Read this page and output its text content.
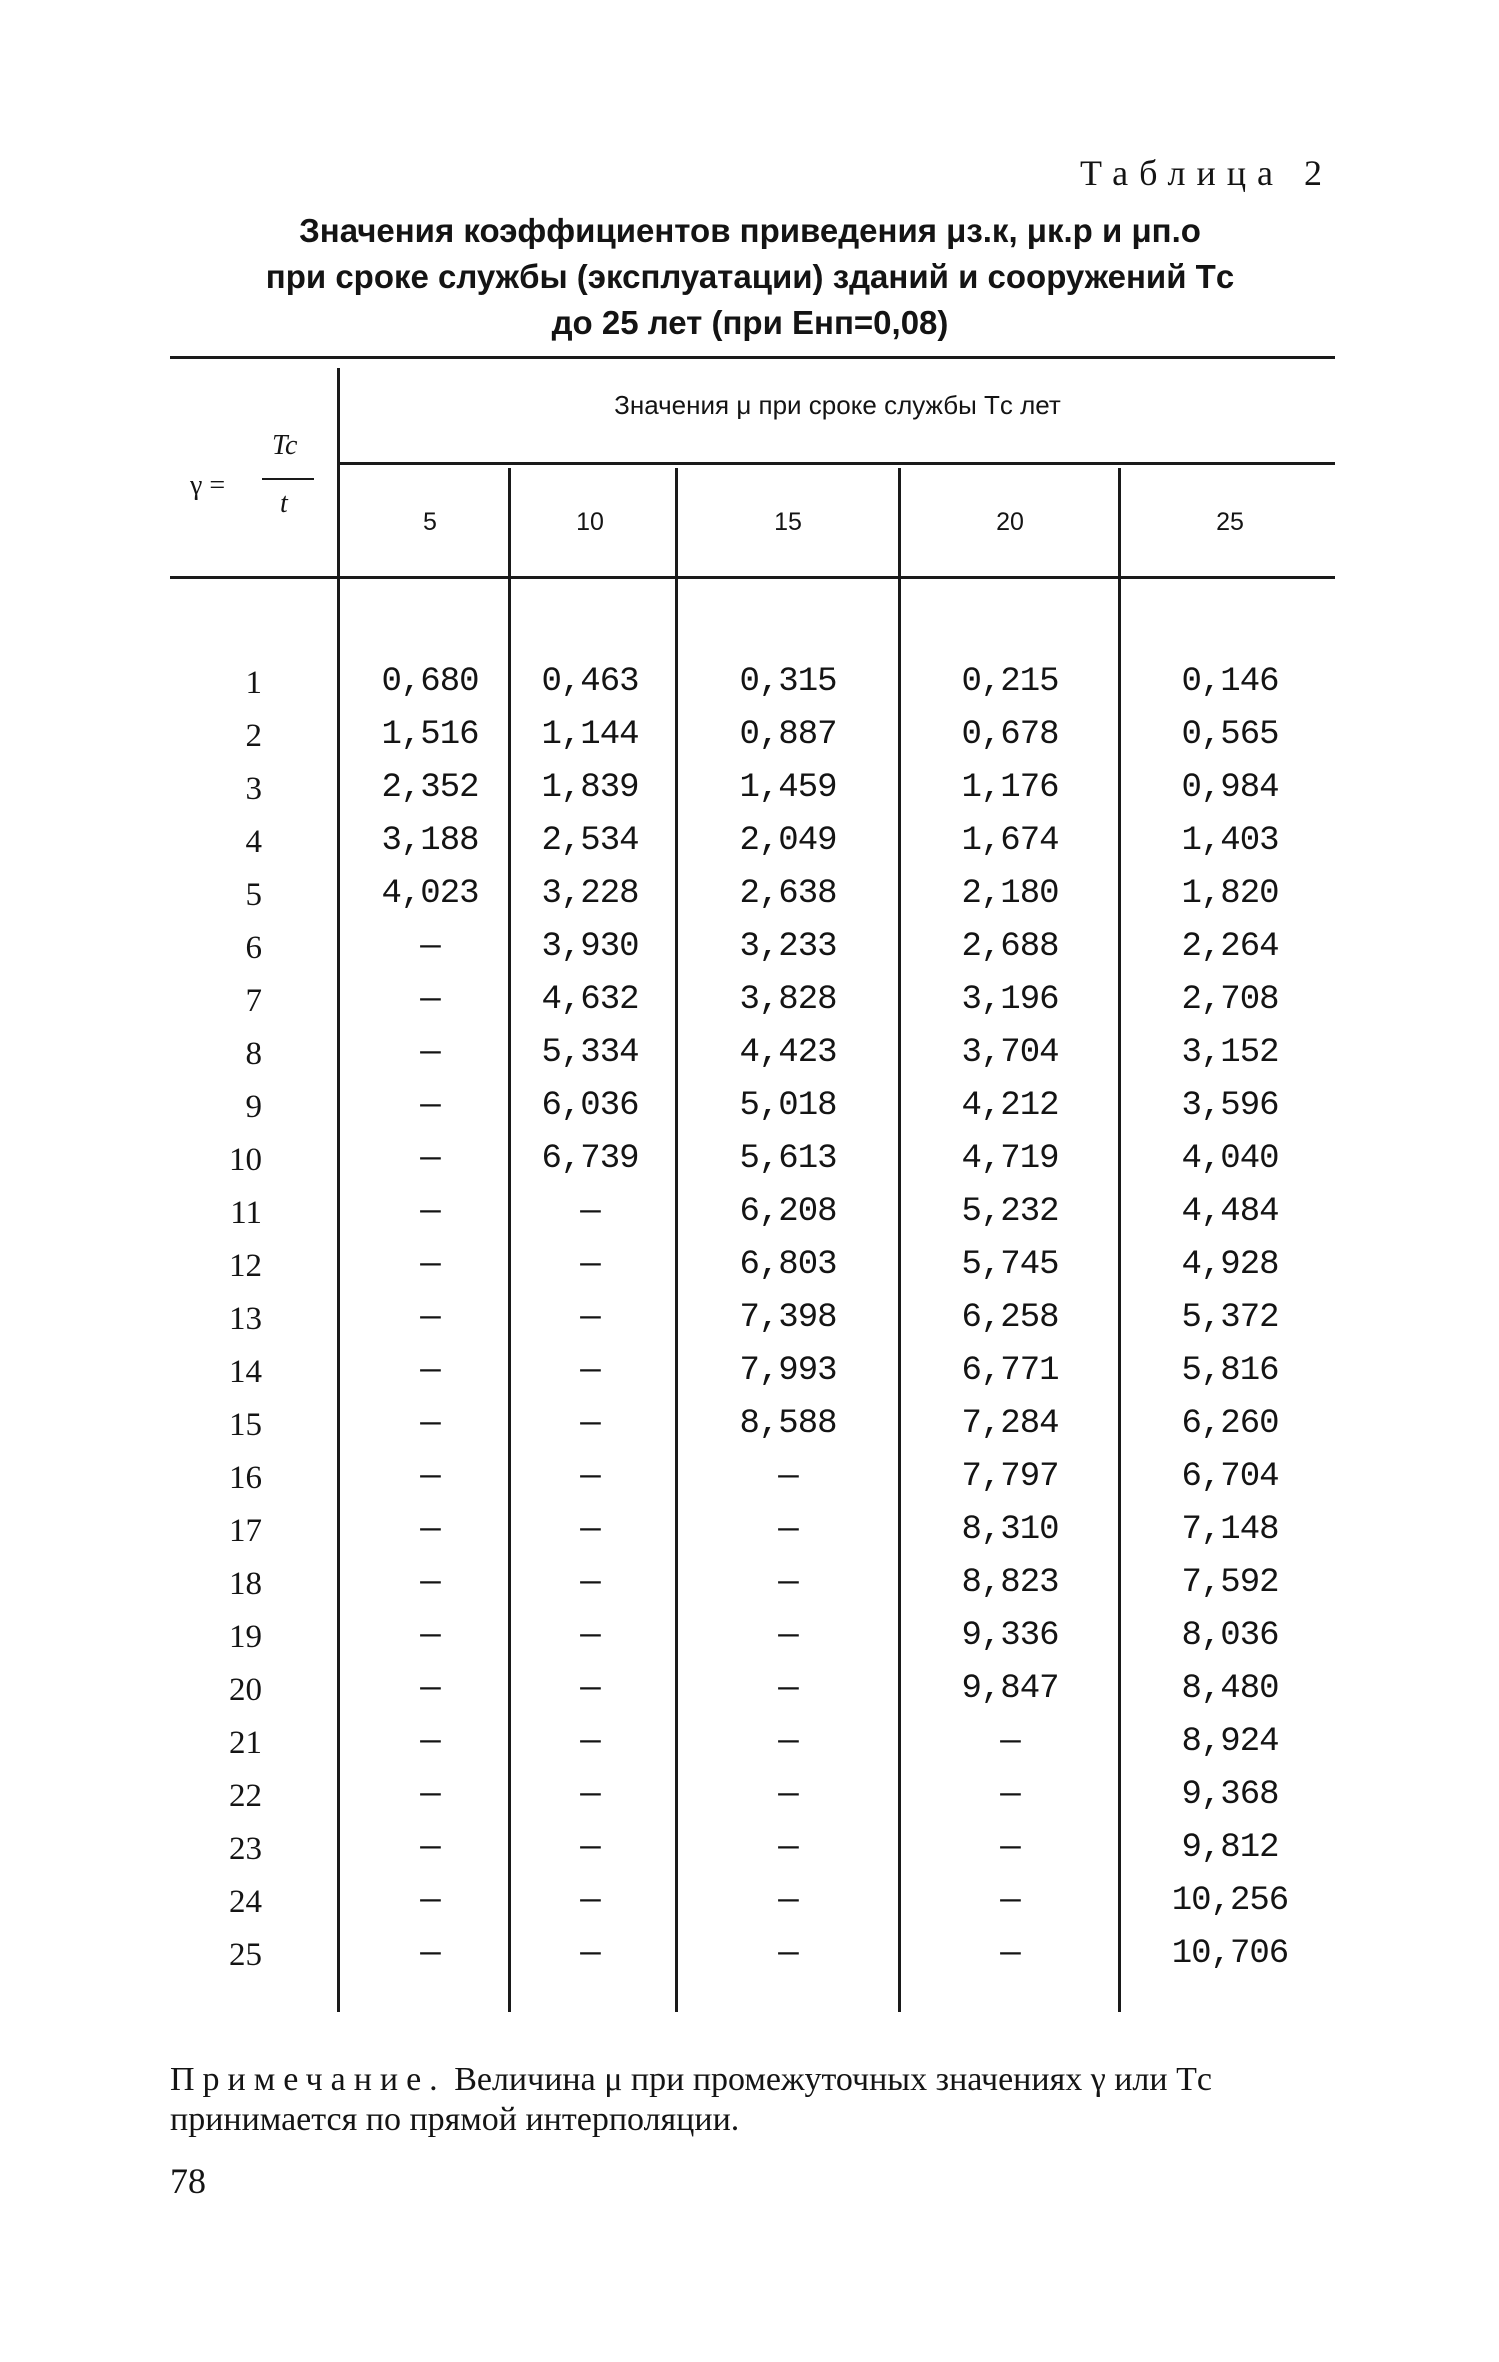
Таблица 2
Значения коэффициентов приведения μз.к, μк.р и μп.о
при сроке службы (эксплуатации) зданий и сооружений Tс
до 25 лет (при Eнп=0,08)
γ =
Tc
t
Значения μ при сроке службы Tс лет
5	10	15	20	25
1	0,680	0,463	0,315	0,215	0,146
2	1,516	1,144	0,887	0,678	0,565
3	2,352	1,839	1,459	1,176	0,984
4	3,188	2,534	2,049	1,674	1,403
5	4,023	3,228	2,638	2,180	1,820
6	—	3,930	3,233	2,688	2,264
7	—	4,632	3,828	3,196	2,708
8	—	5,334	4,423	3,704	3,152
9	—	6,036	5,018	4,212	3,596
10	—	6,739	5,613	4,719	4,040
11	—	—	6,208	5,232	4,484
12	—	—	6,803	5,745	4,928
13	—	—	7,398	6,258	5,372
14	—	—	7,993	6,771	5,816
15	—	—	8,588	7,284	6,260
16	—	—	—	7,797	6,704
17	—	—	—	8,310	7,148
18	—	—	—	8,823	7,592
19	—	—	—	9,336	8,036
20	—	—	—	9,847	8,480
21	—	—	—	—	8,924
22	—	—	—	—	9,368
23	—	—	—	—	9,812
24	—	—	—	—	10,256
25	—	—	—	—	10,706
Примечание. Величина μ при промежуточных значениях γ или Tс принимается по прямой интерполяции.
78
